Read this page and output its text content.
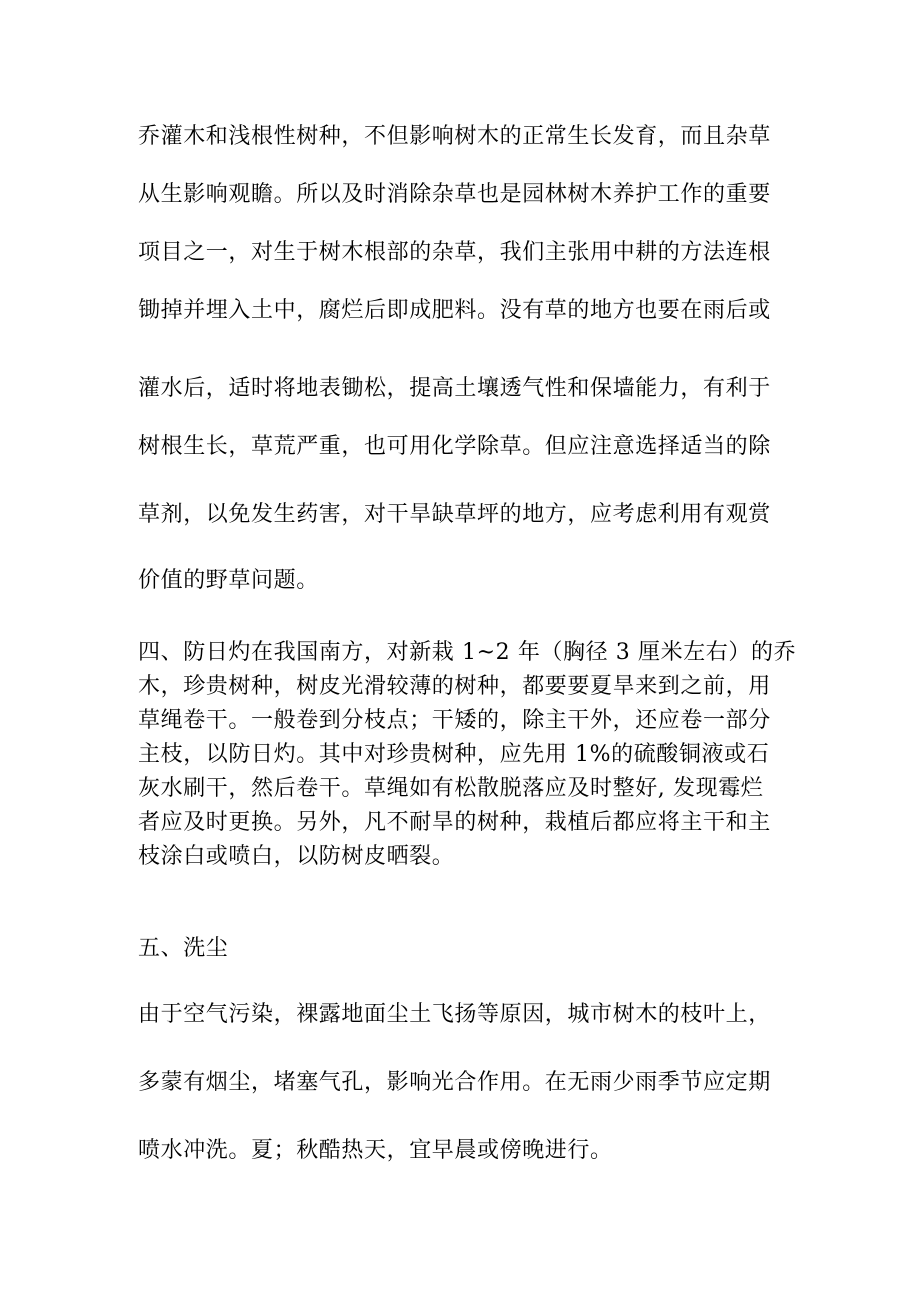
乔灌木和浅根性树种，不但影响树木的正常生长发育，而且杂草
从生影响观瞻。所以及时消除杂草也是园林树木养护工作的重要
项目之一，对生于树木根部的杂草，我们主张用中耕的方法连根
锄掉并埋入土中，腐烂后即成肥料。没有草的地方也要在雨后或
灌水后，适时将地表锄松，提高土壤透气性和保墙能力，有利于
树根生长，草荒严重，也可用化学除草。但应注意选择适当的除
草剂，以免发生药害，对干旱缺草坪的地方，应考虑利用有观赏
价值的野草问题。
四、防日灼在我国南方，对新栽 1~2 年（胸径 3 厘米左右）的乔
木，珍贵树种，树皮光滑较薄的树种，都要要夏旱来到之前，用
草绳卷干。一般卷到分枝点；干矮的，除主干外，还应卷一部分
主枝，以防日灼。其中对珍贵树种，应先用 1%的硫酸铜液或石
灰水刷干，然后卷干。草绳如有松散脱落应及时整好, 发现霉烂
者应及时更换。另外，凡不耐旱的树种，栽植后都应将主干和主
枝涂白或喷白，以防树皮晒裂。
五、洗尘
由于空气污染，裸露地面尘土飞扬等原因，城市树木的枝叶上，
多蒙有烟尘，堵塞气孔，影响光合作用。在无雨少雨季节应定期
喷水冲洗。夏；秋酷热天，宜早晨或傍晚进行。
